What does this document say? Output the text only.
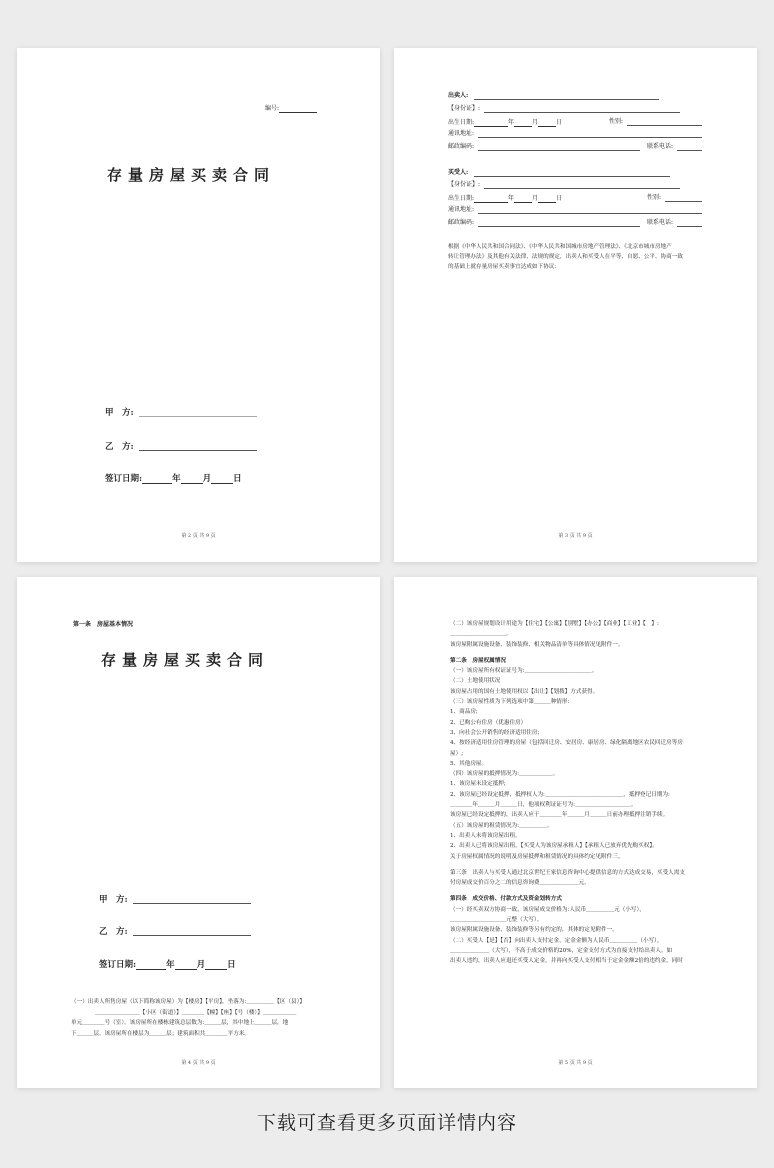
编号:
存量房屋买卖合同
甲　方:
乙　方:
签订日期:	年	月	日
第 2 页 共 9 页
出卖人:
【身份证】:
出生日期:	年	月	日	性别:
通讯地址:
邮政编码:	联系电话:
买受人:
【身份证】:
出生日期:	年	月	日	性别:
通讯地址:
邮政编码:	联系电话:
根据《中华人民共和国合同法》、《中华人民共和国城市房地产管理法》、《北京市城市房地产
转让管理办法》及其他有关法律、法规的规定，出卖人和买受人在平等、自愿、公平、协商一致
的基础上就存量房屋买卖事宜达成如下协议:
第 3 页 共 9 页
第一条　房屋基本情况
存量房屋买卖合同
甲　方:
乙　方:
签订日期:	年	月	日
（一）出卖人所售房屋（以下简称该房屋）为【楼房】【平房】，坐落为:＿＿＿＿＿【区（县）】
＿＿＿＿＿＿＿＿【小区（街道）】＿＿＿＿【幢】【座】【号（楼）】＿＿＿＿＿＿
单元＿＿＿＿号（室）。该房屋所在楼栋建筑总层数为:＿＿＿层，其中地上＿＿＿层，地
下＿＿＿层。该房屋所在楼层为＿＿＿层；建筑面积共＿＿＿＿平方米。
第 4 页 共 9 页
（二）该房屋规划设计用途为【住宅】【公寓】【别墅】【办公】【商业】【工业】【　】:
＿＿＿＿＿＿＿＿＿＿。
该房屋附属设施设备、装饰装修、相关物品清单等具体情况见附件一。
第二条　房屋权属情况
（一）该房屋所有权证证号为:＿＿＿＿＿＿＿＿＿＿＿＿。
（二）土地使用状况
该房屋占用的国有土地使用权以【出让】【划拨】方式获得。
（三）该房屋性质为下列选项中第＿＿＿种情形:
1、商品房;
2、已购公有住房（优惠住房）
3、向社会公开销售的经济适用住房;
4、按经济适用住房管理的房屋（包括回迁房、安居房、康居房、绿化隔离地区农民回迁房等房
屋）;
5、其他房屋。
（四）该房屋的抵押情况为:＿＿＿＿＿＿。
1、该房屋未设定抵押;
2、该房屋已经设定抵押，抵押权人为:＿＿＿＿＿＿＿＿＿＿＿＿＿＿，抵押登记日期为:
＿＿＿＿年＿＿＿月＿＿＿日，他项权利证证号为:＿＿＿＿＿＿＿＿＿＿。
该房屋已经设定抵押的，出卖人应于＿＿＿＿年＿＿＿月＿＿＿日前办理抵押注销手续。
（五）该房屋的租赁情况为:＿＿＿＿＿。
1、出卖人未将该房屋出租。
2、出卖人已将该房屋出租，【买受人为该房屋承租人】【承租人已放弃优先购买权】。
关于房屋权属情况的说明及房屋抵押和租赁情况的具体约定见附件三。
第三条　出卖人与买受人通过北京世纪王家信息咨询中心提供信息的方式达成交易，买受人需支
付房屋成交价百分之二的信息咨询费＿＿＿＿＿＿＿元。
第四条　成交价格、付款方式及资金划转方式
（一）经买卖双方协商一致，该房屋成交价格为:人民币＿＿＿＿＿元（小写），
＿＿＿＿＿＿＿＿＿＿元整（大写）。
该房屋附属设施设备、装饰装修等另有约定的，其体的定见附件一。
（二）买受人【是】【否】向出卖人支付定金，定金金额为人民币＿＿＿＿＿（小写），
＿＿＿＿＿＿＿（大写），不高于成交价格的20%，定金支付方式为直接支付给出卖人。如
出卖人违约，出卖人应退还买受人定金，并再向买受人支付相当于定金金额2倍的违约金，同时
第 5 页 共 9 页
下载可查看更多页面详情内容
